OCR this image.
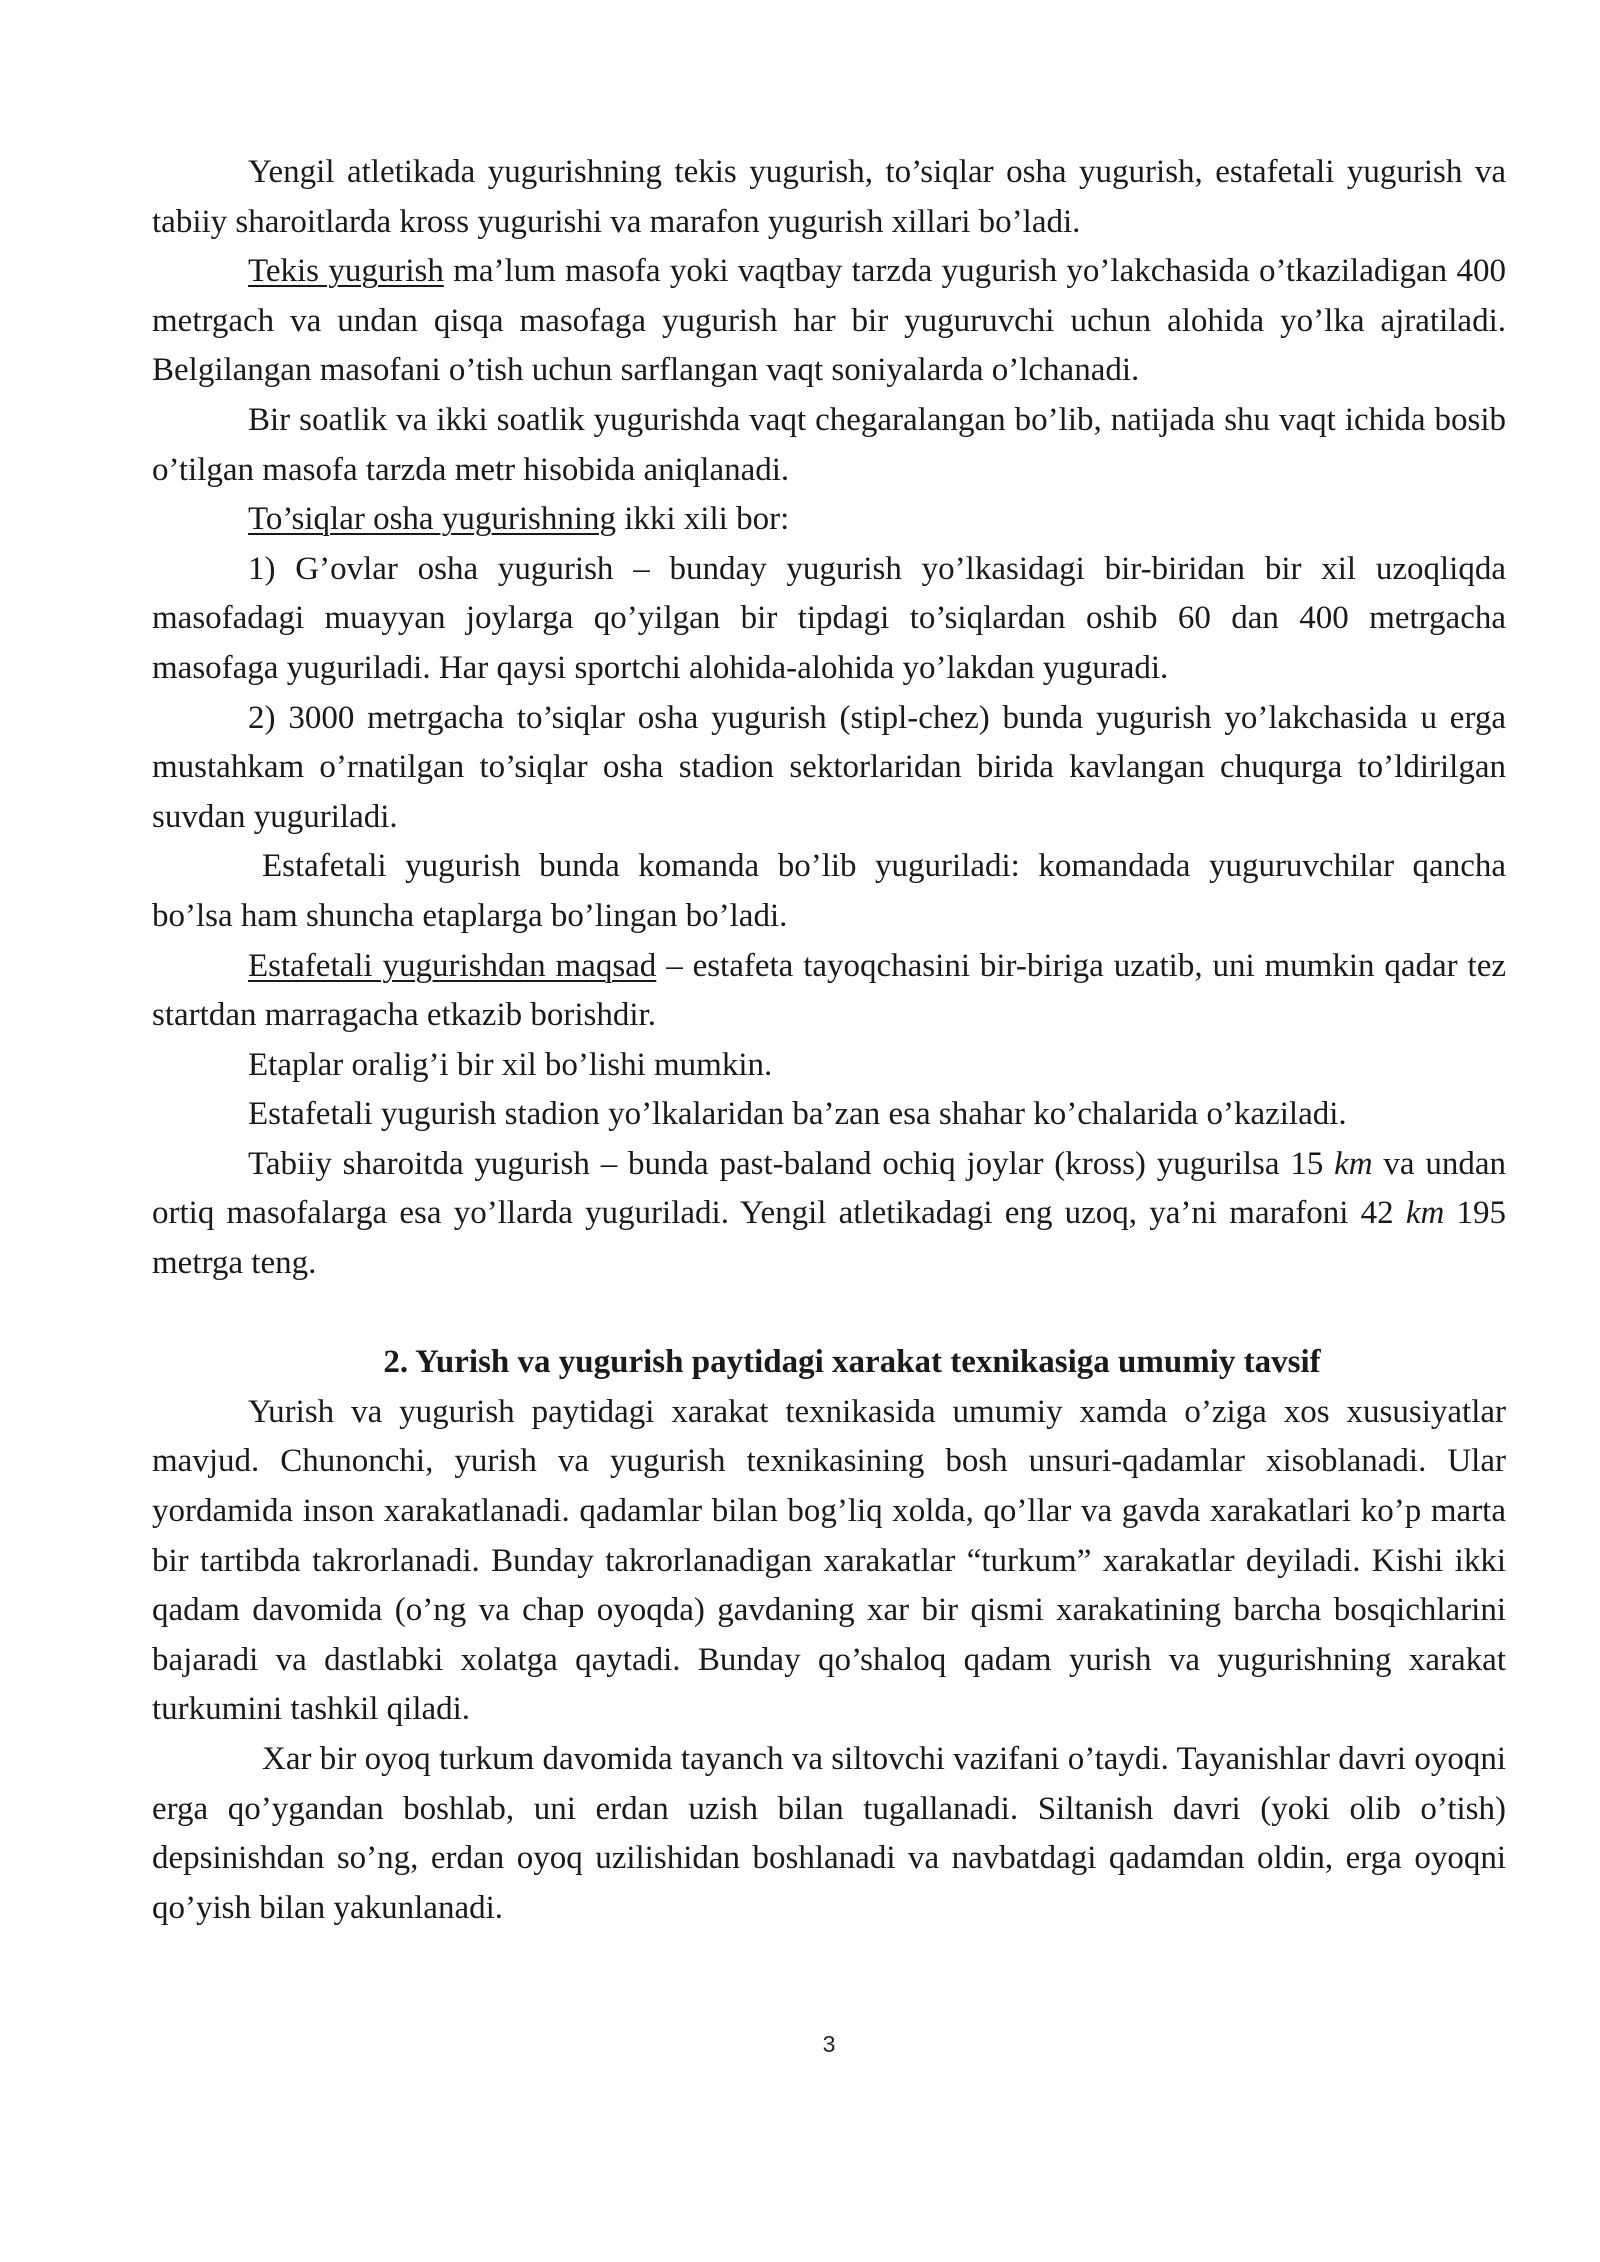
Yengil atletikada yugurishning tekis yugurish, to’siqlar osha yugurish, estafetali yugurish va tabiiy sharoitlarda kross yugurishi va marafon yugurish xillari bo’ladi.

Tekis yugurish ma’lum masofa yoki vaqtbay tarzda yugurish yo’lakchasida o’tkaziladigan 400 metrgach va undan qisqa masofaga yugurish har bir yuguruvchi uchun alohida yo’lka ajratiladi. Belgilangan masofani o’tish uchun sarflangan vaqt soniyalarda o’lchanadi.

Bir soatlik va ikki soatlik yugurishda vaqt chegaralangan bo’lib, natijada shu vaqt ichida bosib o’tilgan masofa tarzda metr hisobida aniqlanadi.

To’siqlar osha yugurishning ikki xili bor:

1) G’ovlar osha yugurish – bunday yugurish yo’lkasidagi bir-biridan bir xil uzoqliqda masofadagi muayyan joylarga qo’yilgan bir tipdagi to’siqlardan oshib 60 dan 400 metrgacha masofaga yuguriladi. Har qaysi sportchi alohida-alohida yo’lakdan yuguradi.

2) 3000 metrgacha to’siqlar osha yugurish (stipl-chez) bunda yugurish yo’lakchasida u erga mustahkam o’rnatilgan to’siqlar osha stadion sektorlaridan birida kavlangan chuqurga to’ldirilgan suvdan yuguriladi.

Estafetali yugurish bunda komanda bo’lib yuguriladi: komandada yuguruvchilar qancha bo’lsa ham shuncha etaplarga bo’lingan bo’ladi.

Estafetali yugurishdan maqsad – estafeta tayoqchasini bir-biriga uzatib, uni mumkin qadar tez startdan marragacha etkazib borishdir.

Etaplar oralig’i bir xil bo’lishi mumkin.

Estafetali yugurish stadion yo’lkalaridan ba’zan esa shahar ko’chalarida o’kaziladi.

Tabiiy sharoitda yugurish – bunda past-baland ochiq joylar (kross) yugurilsa 15 km va undan ortiq masofalarga esa yo’llarda yuguriladi. Yengil atletikadagi eng uzoq, ya’ni marafoni 42 km 195 metrga teng.

2. Yurish va yugurish paytidagi xarakat texnikasiga umumiy tavsif

Yurish va yugurish paytidagi xarakat texnikasida umumiy xamda o’ziga xos xususiyatlar mavjud. Chunonchi, yurish va yugurish texnikasining bosh unsuri-qadamlar xisoblanadi. Ular yordamida inson xarakatlanadi. qadamlar bilan bog’liq xolda, qo’llar va gavda xarakatlari ko’p marta bir tartibda takrorlanadi. Bunday takrorlanadigan xarakatlar “turkum” xarakatlar deyiladi. Kishi ikki qadam davomida (o’ng va chap oyoqda) gavdaning xar bir qismi xarakatining barcha bosqichlarini bajaradi va dastlabki xolatga qaytadi. Bunday qo’shaloq qadam yurish va yugurishning xarakat turkumini tashkil qiladi.

Xar bir oyoq turkum davomida tayanch va siltovchi vazifani o’taydi. Tayanishlar davri oyoqni erga qo’ygandan boshlab, uni erdan uzish bilan tugallanadi. Siltanish davri (yoki olib o’tish) depsinishdan so’ng, erdan oyoq uzilishidan boshlanadi va navbatdagi qadamdan oldin, erga oyoqni qo’yish bilan yakunlanadi.

3
